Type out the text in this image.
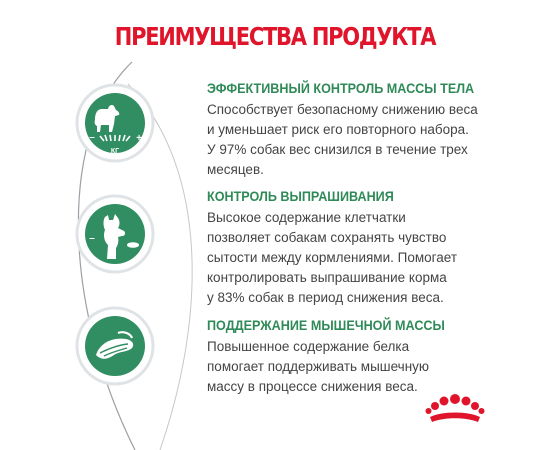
ПРЕИМУЩЕСТВА ПРОДУКТА
КГ
–	+
–
ЭФФЕКТИВНЫЙ КОНТРОЛЬ МАССЫ ТЕЛА
Способствует безопасному снижению веса
и уменьшает риск его повторного набора.
У 97% собак вес снизился в течение трех
месяцев.
КОНТРОЛЬ ВЫПРАШИВАНИЯ
Высокое содержание клетчатки
позволяет собакам сохранять чувство
сытости между кормлениями. Помогает
контролировать выпрашивание корма
у 83% собак в период снижения веса.
ПОДДЕРЖАНИЕ МЫШЕЧНОЙ МАССЫ
Повышенное содержание белка
помогает поддерживать мышечную
массу в процессе снижения веса.
